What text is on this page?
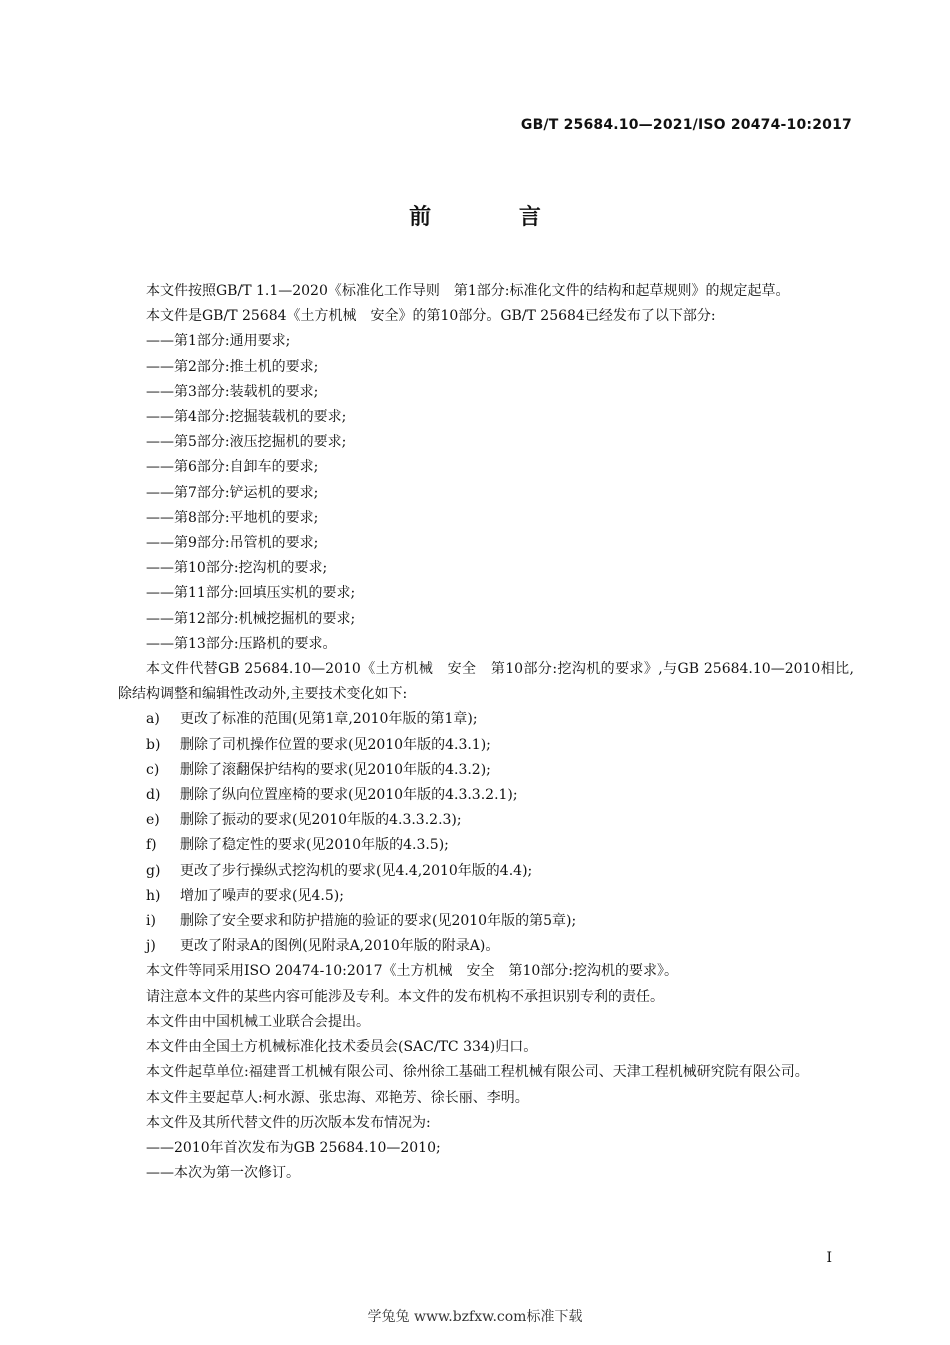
GB/T 25684.10—2021/ISO 20474-10:2017
前 言

本文件按照GB/T 1.1—2020《标准化工作导则　第1部分:标准化文件的结构和起草规则》的规定起草。

本文件是GB/T 25684《土方机械　安全》的第10部分。GB/T 25684已经发布了以下部分:

——第1部分:通用要求;

——第2部分:推土机的要求;

——第3部分:装载机的要求;

——第4部分:挖掘装载机的要求;

——第5部分:液压挖掘机的要求;

——第6部分:自卸车的要求;

——第7部分:铲运机的要求;

——第8部分:平地机的要求;

——第9部分:吊管机的要求;

——第10部分:挖沟机的要求;

——第11部分:回填压实机的要求;

——第12部分:机械挖掘机的要求;

——第13部分:压路机的要求。

本文件代替GB 25684.10—2010《土方机械　安全　第10部分:挖沟机的要求》,与GB 25684.10—2010相比,除结构调整和编辑性改动外,主要技术变化如下:

a) 更改了标准的范围(见第1章,2010年版的第1章);

b) 删除了司机操作位置的要求(见2010年版的4.3.1);

c) 删除了滚翻保护结构的要求(见2010年版的4.3.2);

d) 删除了纵向位置座椅的要求(见2010年版的4.3.3.2.1);

e) 删除了振动的要求(见2010年版的4.3.3.2.3);

f) 删除了稳定性的要求(见2010年版的4.3.5);

g) 更改了步行操纵式挖沟机的要求(见4.4,2010年版的4.4);

h) 增加了噪声的要求(见4.5);

i) 删除了安全要求和防护措施的验证的要求(见2010年版的第5章);

j) 更改了附录A的图例(见附录A,2010年版的附录A)。

本文件等同采用ISO 20474-10:2017《土方机械　安全　第10部分:挖沟机的要求》。

请注意本文件的某些内容可能涉及专利。本文件的发布机构不承担识别专利的责任。

本文件由中国机械工业联合会提出。

本文件由全国土方机械标准化技术委员会(SAC/TC 334)归口。

本文件起草单位:福建晋工机械有限公司、徐州徐工基础工程机械有限公司、天津工程机械研究院有限公司。

本文件主要起草人:柯水源、张忠海、邓艳芳、徐长丽、李明。

本文件及其所代替文件的历次版本发布情况为:

——2010年首次发布为GB 25684.10—2010;

——本次为第一次修订。

I
学兔兔 www.bzfxw.com标准下载
